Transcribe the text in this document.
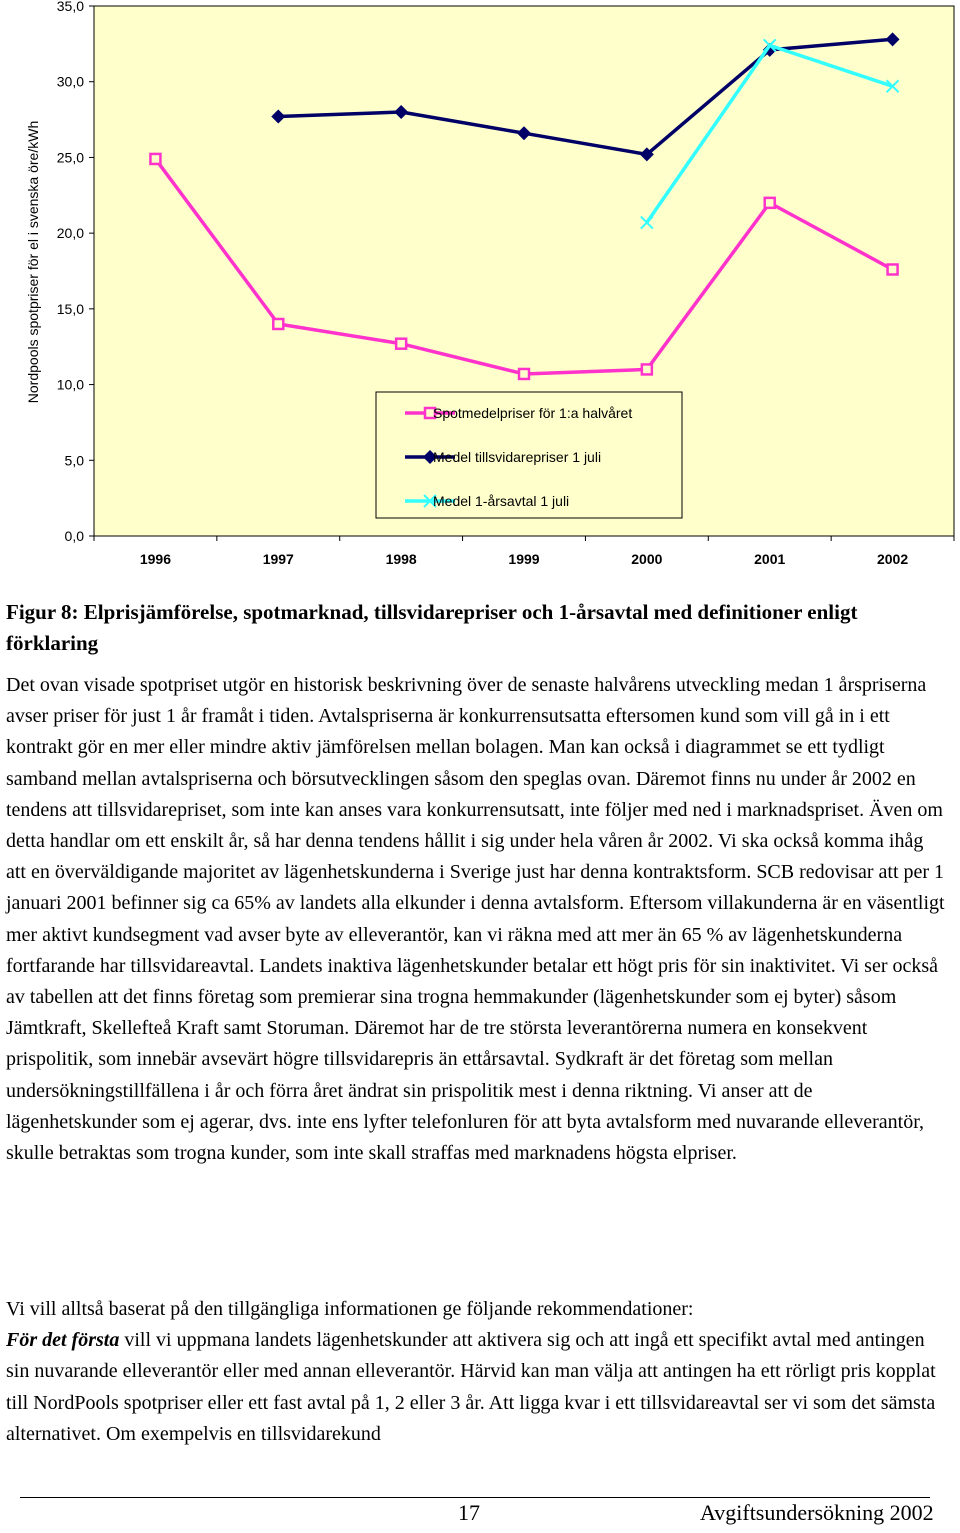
0,0
5,0
10,0
15,0
20,0
25,0
30,0
35,0
1996	1997	1998	1999	2000	2001	2002
Nordpools spotpriser för el i svenska öre/kWh
Spotmedelpriser för 1:a halvåret
Medel tillsvidarepriser 1 juli
Medel 1-årsavtal 1 juli
Figur 8: Elprisjämförelse, spotmarknad, tillsvidarepriser och 1-årsavtal med definitioner enligt förklaring
Det ovan visade spotpriset utgör en historisk beskrivning över de senaste halvårens utveckling medan 1 årspriserna avser priser för just 1 år framåt i tiden. Avtalspriserna är konkurrensutsatta eftersomen kund som vill gå in i ett kontrakt gör en mer eller mindre aktiv jämförelsen mellan bolagen. Man kan också i diagrammet se ett tydligt samband mellan avtalspriserna och börsutvecklingen såsom den speglas ovan. Däremot finns nu under år 2002 en tendens att tillsvidarepriset, som inte kan anses vara konkurrensutsatt, inte följer med ned i marknadspriset. Även om detta handlar om ett enskilt år, så har denna tendens hållit i sig under hela våren år 2002. Vi ska också komma ihåg att en överväldigande majoritet av lägenhetskunderna i Sverige just har denna kontraktsform. SCB redovisar att per 1 januari 2001 befinner sig ca 65% av landets alla elkunder i denna avtalsform. Eftersom villakunderna är en väsentligt mer aktivt kundsegment vad avser byte av elleverantör, kan vi räkna med att mer än 65 % av lägenhetskunderna fortfarande har tillsvidareavtal. Landets inaktiva lägenhetskunder betalar ett högt pris för sin inaktivitet. Vi ser också av tabellen att det finns företag som premierar sina trogna hemmakunder (lägenhetskunder som ej byter) såsom Jämtkraft, Skellefteå Kraft samt Storuman. Däremot har de tre största leverantörerna numera en konsekvent prispolitik, som innebär avsevärt högre tillsvidarepris än ettårsavtal. Sydkraft är det företag som mellan undersökningstillfällena i år och förra året ändrat sin prispolitik mest i denna riktning. Vi anser att de lägenhetskunder som ej agerar, dvs. inte ens lyfter telefonluren för att byta avtalsform med nuvarande elleverantör, skulle betraktas som trogna kunder, som inte skall straffas med marknadens högsta elpriser.
Vi vill alltså baserat på den tillgängliga informationen ge följande rekommendationer:
För det första vill vi uppmana landets lägenhetskunder att aktivera sig och att ingå ett specifikt avtal med antingen sin nuvarande elleverantör eller med annan elleverantör. Härvid kan man välja att antingen ha ett rörligt pris kopplat till NordPools spotpriser eller ett fast avtal på 1, 2 eller 3 år. Att ligga kvar i ett tillsvidareavtal ser vi som det sämsta alternativet. Om exempelvis en tillsvidarekund
17	Avgiftsundersökning 2002
